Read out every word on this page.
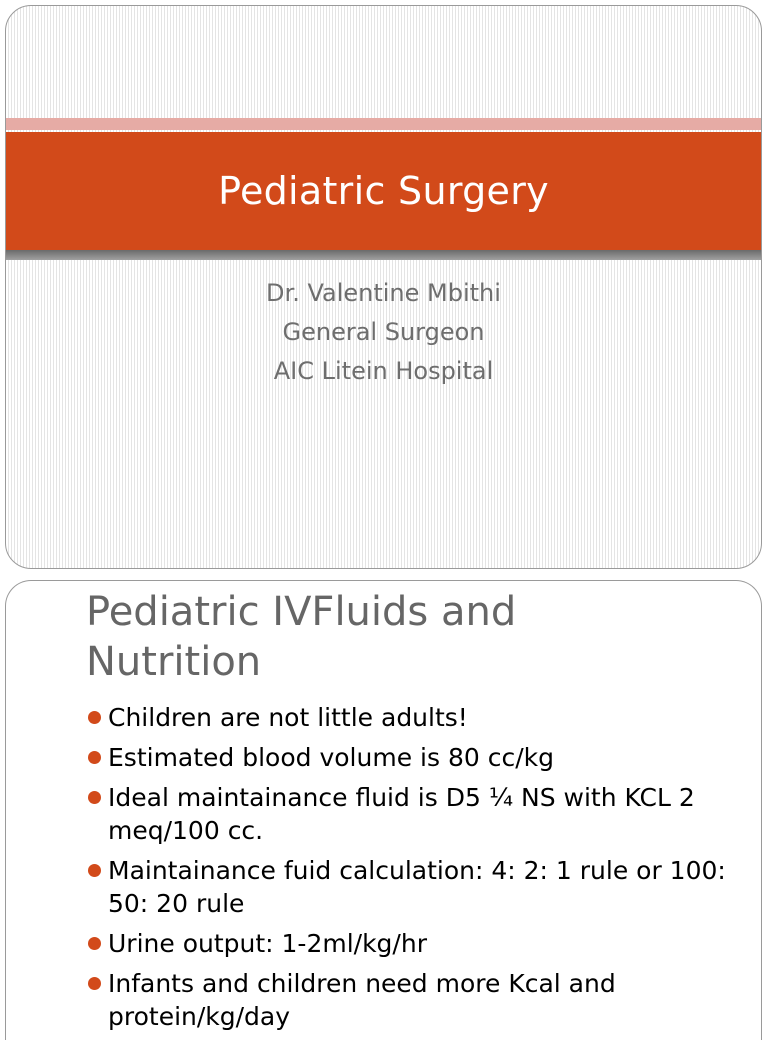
Pediatric Surgery
Dr. Valentine Mbithi
General Surgeon
AIC Litein Hospital
Pediatric IVFluids and
Nutrition
Children are not little adults!
Estimated blood volume is 80 cc/kg
Ideal maintainance fluid is D5 ¼ NS with KCL 2 meq/100 cc.
Maintainance fuid calculation: 4: 2: 1 rule or 100: 50: 20 rule
Urine output: 1-2ml/kg/hr
Infants and children need more Kcal and protein/kg/day
